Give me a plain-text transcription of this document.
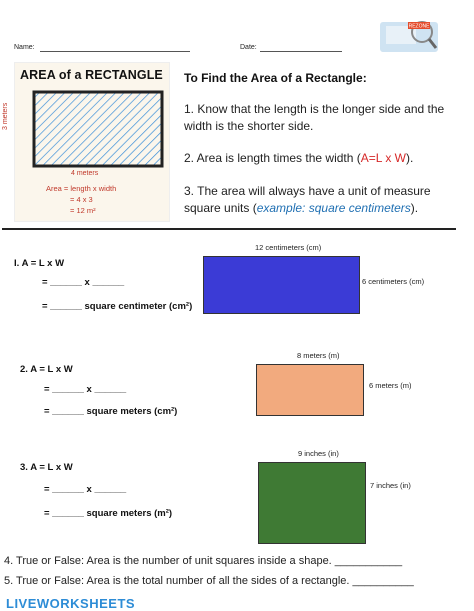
Name:	Date:
REZONE
AREA of a RECTANGLE
3 meters
4 meters
Area = length x width
= 4 x 3
= 12 m²
To Find the Area of a Rectangle:
1. Know that the length is the longer side and the width is the shorter side.
2. Area is length times the width (A=L x W).
3. The area will always have a unit of measure square units (example: square centimeters).
I. A = L x W
= ______ x ______
= ______ square centimeter (cm²)
12 centimeters (cm)
6 centimeters (cm)
2. A = L x W
= ______ x ______
= ______ square meters (cm²)
8 meters (m)
6 meters (m)
3. A = L x W
= ______ x ______
= ______ square meters (m²)
9 inches (in)
7 inches (in)
4. True or False: Area is the number of unit squares inside a shape. ___________
5. True or False: Area is the total number of all the sides of a rectangle. __________
LIVEWORKSHEETS
